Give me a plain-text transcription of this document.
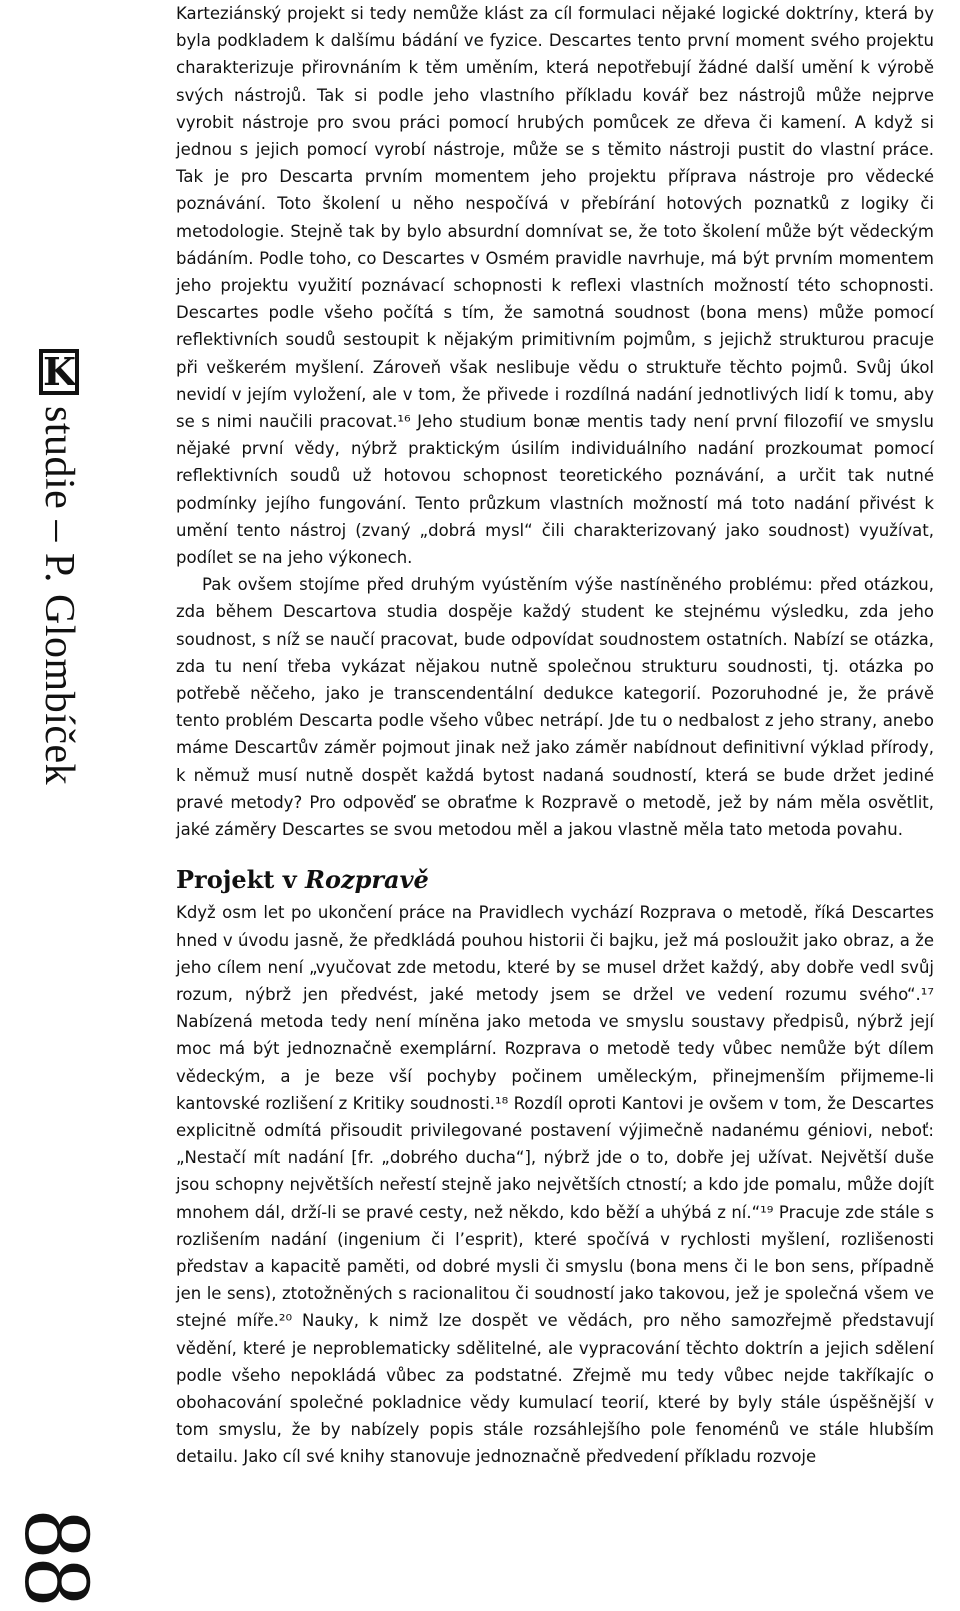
K
studie – P. Glombíček
88

Karteziánský projekt si tedy nemůže klást za cíl formulaci nějaké logické doktríny, která by byla podkladem k dalšímu bádání ve fyzice. Descartes tento první moment svého projektu charakterizuje přirovnáním k těm uměním, která nepotřebují žádné další umění k výrobě svých nástrojů. Tak si podle jeho vlastního příkladu kovář bez nástrojů může nejprve vyrobit nástroje pro svou práci pomocí hrubých pomůcek ze dřeva či kamení. A když si jednou s jejich pomocí vyrobí nástroje, může se s těmito nástroji pustit do vlastní práce. Tak je pro Descarta prvním momentem jeho projektu příprava nástroje pro vědecké poznávání. Toto školení u něho nespočívá v přebírání hotových poznatků z logiky či metodologie. Stejně tak by bylo absurdní domnívat se, že toto školení může být vědeckým bádáním. Podle toho, co Descartes v Osmém pravidle navrhuje, má být prvním momentem jeho projektu využití poznávací schopnosti k reflexi vlastních možností této schopnosti. Descartes podle všeho počítá s tím, že samotná soudnost (bona mens) může pomocí reflektivních soudů sestoupit k nějakým primitivním pojmům, s jejichž strukturou pracuje při veškerém myšlení. Zároveň však neslibuje vědu o struktuře těchto pojmů. Svůj úkol nevidí v jejím vyložení, ale v tom, že přivede i rozdílná nadání jednotlivých lidí k tomu, aby se s nimi naučili pracovat.¹⁶ Jeho studium bonæ mentis tady není první filozofií ve smyslu nějaké první vědy, nýbrž praktickým úsilím individuálního nadání prozkoumat pomocí reflektivních soudů už hotovou schopnost teoretického poznávání, a určit tak nutné podmínky jejího fungování. Tento průzkum vlastních možností má toto nadání přivést k umění tento nástroj (zvaný „dobrá mysl“ čili charakterizovaný jako soudnost) využívat, podílet se na jeho výkonech.

Pak ovšem stojíme před druhým vyústěním výše nastíněného problému: před otázkou, zda během Descartova studia dospěje každý student ke stejnému výsledku, zda jeho soudnost, s níž se naučí pracovat, bude odpovídat soudnostem ostatních. Nabízí se otázka, zda tu není třeba vykázat nějakou nutně společnou strukturu soudnosti, tj. otázka po potřebě něčeho, jako je transcendentální dedukce kategorií. Pozoruhodné je, že právě tento problém Descarta podle všeho vůbec netrápí. Jde tu o nedbalost z jeho strany, anebo máme Descartův záměr pojmout jinak než jako záměr nabídnout definitivní výklad přírody, k němuž musí nutně dospět každá bytost nadaná soudností, která se bude držet jediné pravé metody? Pro odpověď se obraťme k Rozpravě o metodě, jež by nám měla osvětlit, jaké záměry Descartes se svou metodou měl a jakou vlastně měla tato metoda povahu.

Projekt v Rozpravě

Když osm let po ukončení práce na Pravidlech vychází Rozprava o metodě, říká Descartes hned v úvodu jasně, že předkládá pouhou historii či bajku, jež má posloužit jako obraz, a že jeho cílem není „vyučovat zde metodu, které by se musel držet každý, aby dobře vedl svůj rozum, nýbrž jen předvést, jaké metody jsem se držel ve vedení rozumu svého“.¹⁷ Nabízená metoda tedy není míněna jako metoda ve smyslu soustavy předpisů, nýbrž její moc má být jednoznačně exemplární. Rozprava o metodě tedy vůbec nemůže být dílem vědeckým, a je beze vší pochyby počinem uměleckým, přinejmenším přijmeme-li kantovské rozlišení z Kritiky soudnosti.¹⁸ Rozdíl oproti Kantovi je ovšem v tom, že Descartes explicitně odmítá přisoudit privilegované postavení výjimečně nadanému géniovi, neboť: „Nestačí mít nadání [fr. „dobrého ducha“], nýbrž jde o to, dobře jej užívat. Největší duše jsou schopny největších neřestí stejně jako největších ctností; a kdo jde pomalu, může dojít mnohem dál, drží-li se pravé cesty, než někdo, kdo běží a uhýbá z ní.“¹⁹ Pracuje zde stále s rozlišením nadání (ingenium či l’esprit), které spočívá v rychlosti myšlení, rozlišenosti představ a kapacitě paměti, od dobré mysli či smyslu (bona mens či le bon sens, případně jen le sens), ztotožněných s racionalitou či soudností jako takovou, jež je společná všem ve stejné míře.²⁰ Nauky, k nimž lze dospět ve vědách, pro něho samozřejmě představují vědění, které je neproblematicky sdělitelné, ale vypracování těchto doktrín a jejich sdělení podle všeho nepokládá vůbec za podstatné. Zřejmě mu tedy vůbec nejde takříkajíc o obohacování společné pokladnice vědy kumulací teorií, které by byly stále úspěšnější v tom smyslu, že by nabízely popis stále rozsáhlejšího pole fenoménů ve stále hlubším detailu. Jako cíl své knihy stanovuje jednoznačně předvedení příkladu rozvoje
